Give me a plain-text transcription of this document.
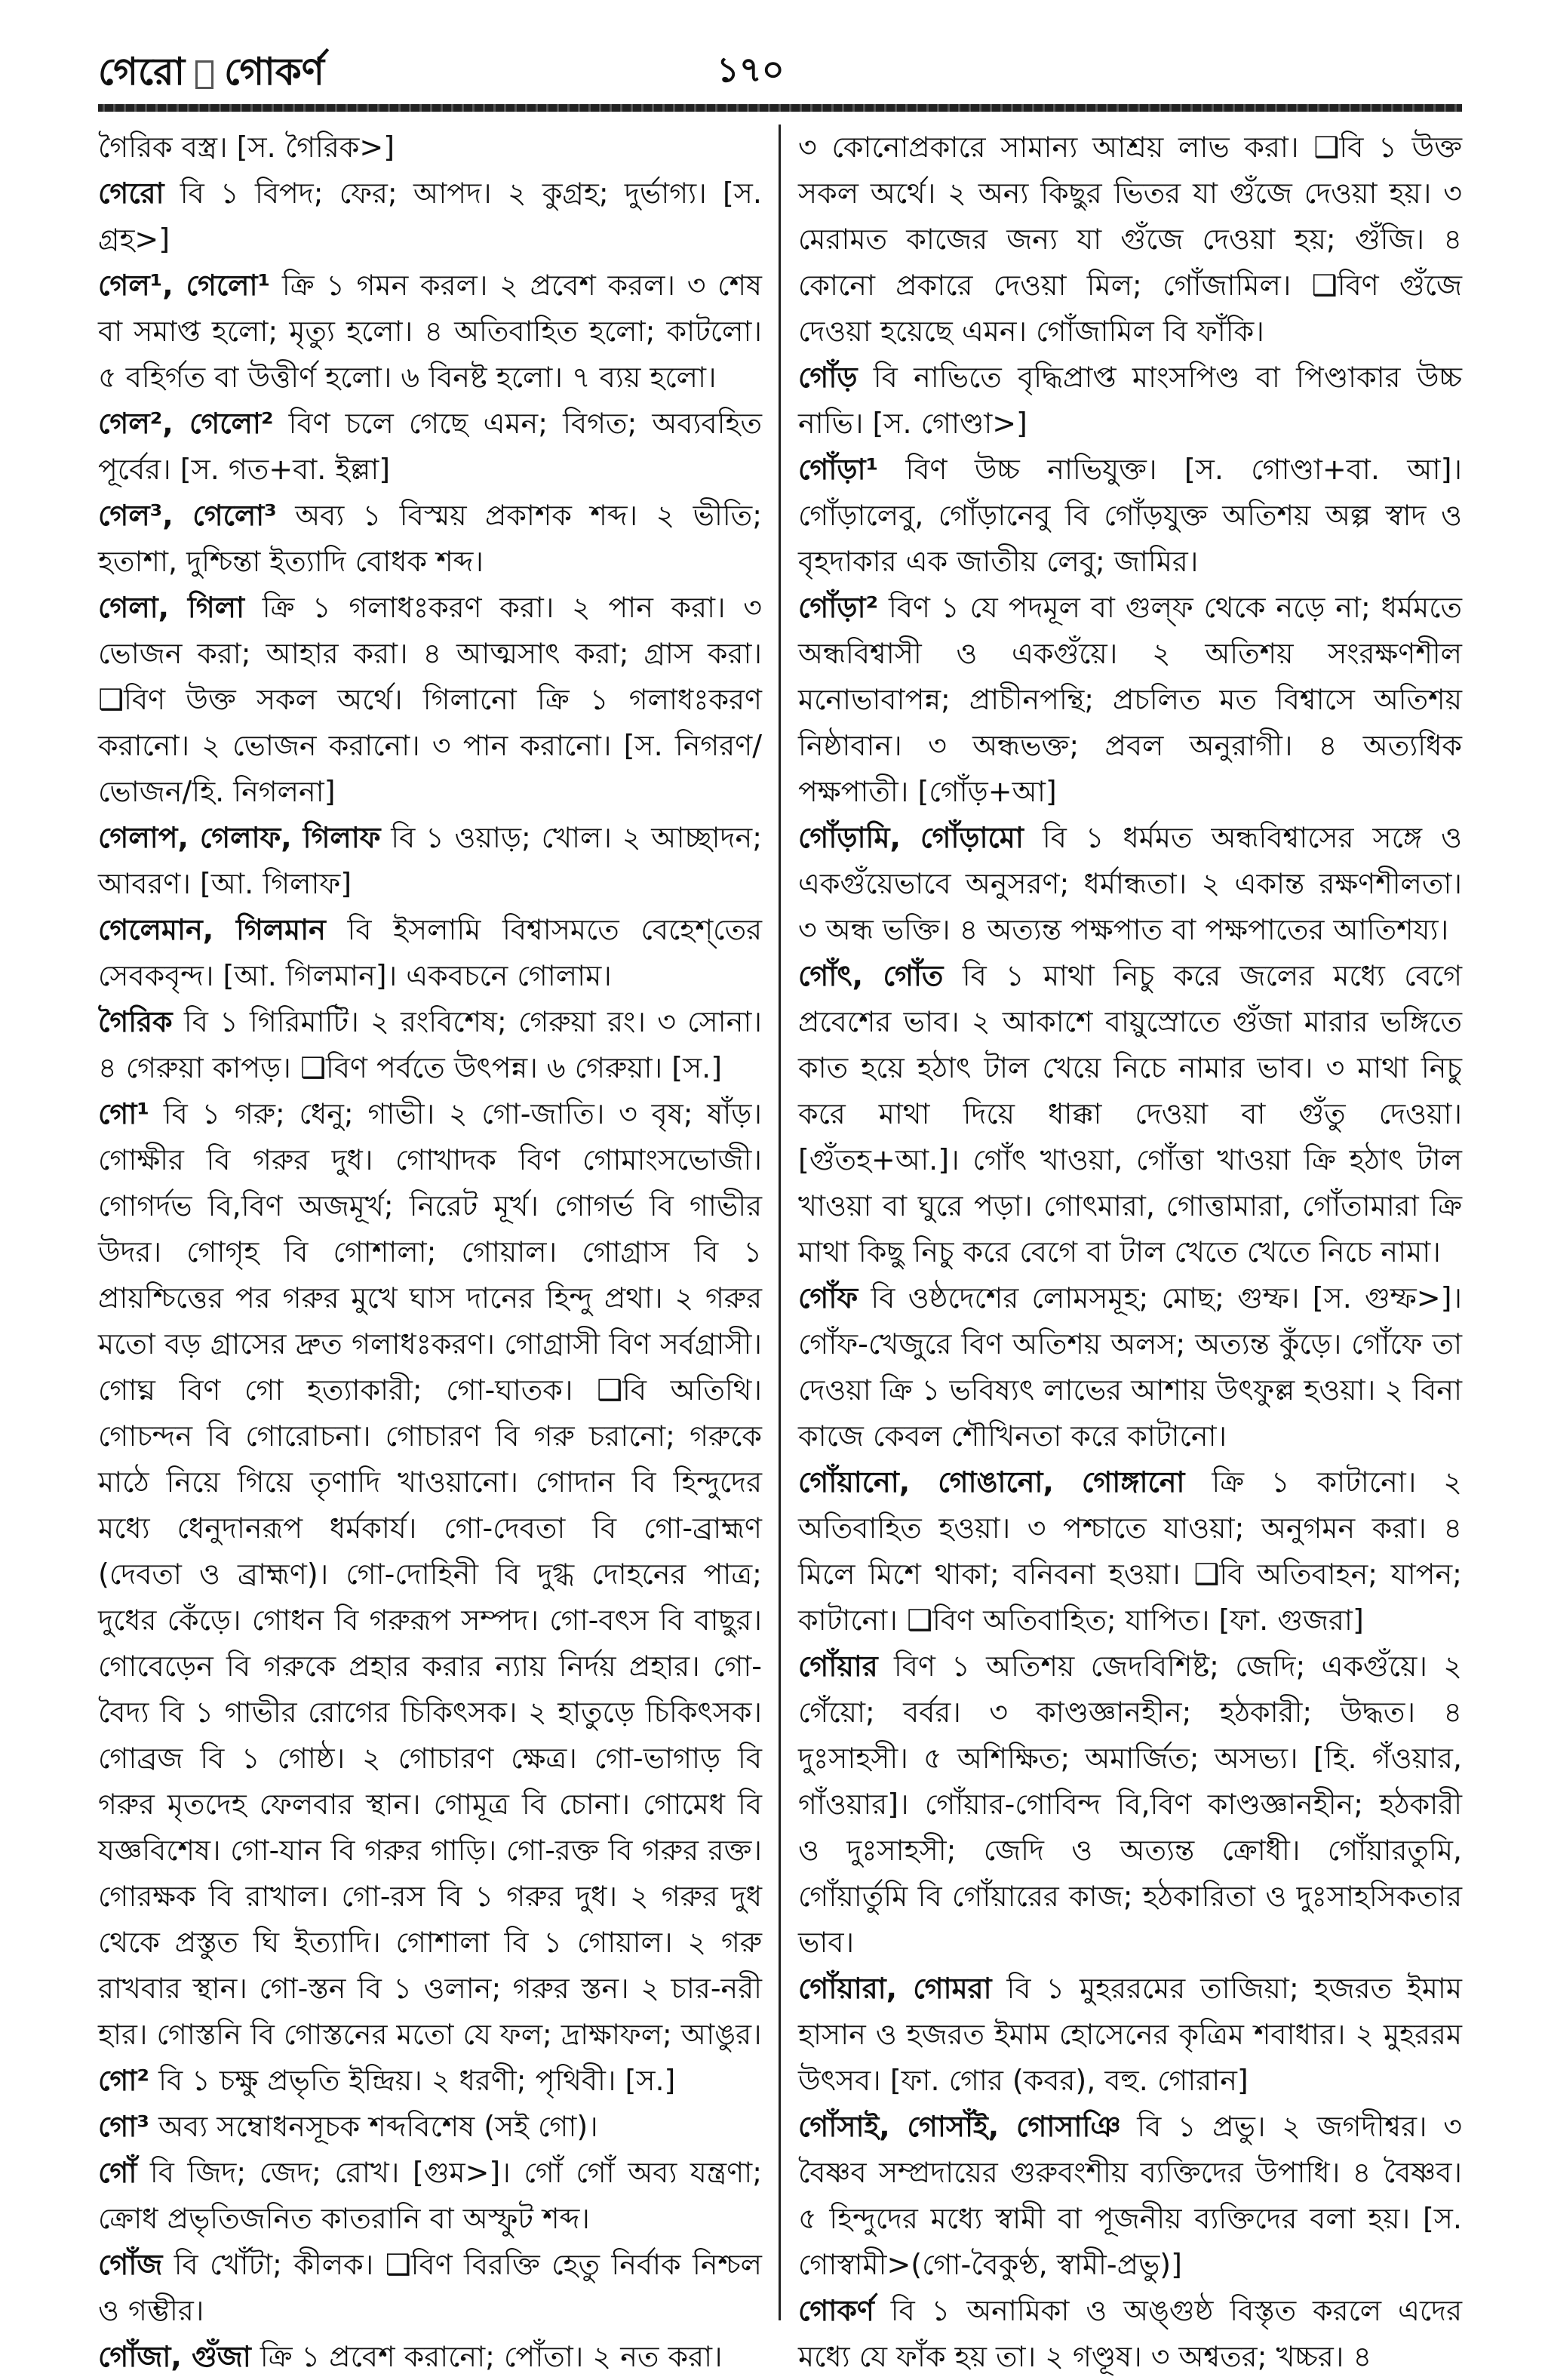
গেরো গোকর্ণ	১৭০

গৈরিক বস্ত্র। [স. গৈরিক>]

গেরো বি ১ বিপদ; ফের; আপদ। ২ কুগ্রহ; দুর্ভাগ্য। [স. গ্রহ>]

গেল¹, গেলো¹ ক্রি ১ গমন করল। ২ প্রবেশ করল। ৩ শেষ বা সমাপ্ত হলো; মৃত্যু হলো। ৪ অতিবাহিত হলো; কাটলো। ৫ বহির্গত বা উত্তীর্ণ হলো। ৬ বিনষ্ট হলো। ৭ ব্যয় হলো।

গেল², গেলো² বিণ চলে গেছে এমন; বিগত; অব্যবহিত পূর্বের। [স. গত+বা. ইল্লা]

গেল³, গেলো³ অব্য ১ বিস্ময় প্রকাশক শব্দ। ২ ভীতি; হতাশা, দুশ্চিন্তা ইত্যাদি বোধক শব্দ।

গেলা, গিলা ক্রি ১ গলাধঃকরণ করা। ২ পান করা। ৩ ভোজন করা; আহার করা। ৪ আত্মসাৎ করা; গ্রাস করা। ❑বিণ উক্ত সকল অর্থে। গিলানো ক্রি ১ গলাধঃকরণ করানো। ২ ভোজন করানো। ৩ পান করানো। [স. নিগরণ/ভোজন/হি. নিগলনা]

গেলাপ, গেলাফ, গিলাফ বি ১ ওয়াড়; খোল। ২ আচ্ছাদন; আবরণ। [আ. গিলাফ]

গেলেমান, গিলমান বি ইসলামি বিশ্বাসমতে বেহেশ্‌তের সেবকবৃন্দ। [আ. গিলমান]। একবচনে গোলাম।

গৈরিক বি ১ গিরিমাটি। ২ রংবিশেষ; গেরুয়া রং। ৩ সোনা। ৪ গেরুয়া কাপড়। ❑বিণ পর্বতে উৎপন্ন। ৬ গেরুয়া। [স.]

গো¹ বি ১ গরু; ধেনু; গাভী। ২ গো-জাতি। ৩ বৃষ; ষাঁড়। গোক্ষীর বি গরুর দুধ। গোখাদক বিণ গোমাংসভোজী। গোগর্দভ বি,বিণ অজমূর্খ; নিরেট মূর্খ। গোগর্ভ বি গাভীর উদর। গোগৃহ বি গোশালা; গোয়াল। গোগ্রাস বি ১ প্রায়শ্চিত্তের পর গরুর মুখে ঘাস দানের হিন্দু প্রথা। ২ গরুর মতো বড় গ্রাসের দ্রুত গলাধঃকরণ। গোগ্রাসী বিণ সর্বগ্রাসী। গোঘ্ন বিণ গো হত্যাকারী; গো-ঘাতক। ❑বি অতিথি। গোচন্দন বি গোরোচনা। গোচারণ বি গরু চরানো; গরুকে মাঠে নিয়ে গিয়ে তৃণাদি খাওয়ানো। গোদান বি হিন্দুদের মধ্যে ধেনুদানরূপ ধর্মকার্য। গো-দেবতা বি গো-ব্রাহ্মণ (দেবতা ও ব্রাহ্মণ)। গো-দোহিনী বি দুগ্ধ দোহনের পাত্র; দুধের কেঁড়ে। গোধন বি গরুরূপ সম্পদ। গো-বৎস বি বাছুর। গোবেড়েন বি গরুকে প্রহার করার ন্যায় নির্দয় প্রহার। গো-বৈদ্য বি ১ গাভীর রোগের চিকিৎসক। ২ হাতুড়ে চিকিৎসক। গোব্রজ বি ১ গোষ্ঠ। ২ গোচারণ ক্ষেত্র। গো-ভাগাড় বি গরুর মৃতদেহ ফেলবার স্থান। গোমূত্র বি চোনা। গোমেধ বি যজ্ঞবিশেষ। গো-যান বি গরুর গাড়ি। গো-রক্ত বি গরুর রক্ত। গোরক্ষক বি রাখাল। গো-রস বি ১ গরুর দুধ। ২ গরুর দুধ থেকে প্রস্তুত ঘি ইত্যাদি। গোশালা বি ১ গোয়াল। ২ গরু রাখবার স্থান। গো-স্তন বি ১ ওলান; গরুর স্তন। ২ চার-নরী হার। গোস্তনি বি গোস্তনের মতো যে ফল; দ্রাক্ষাফল; আঙুর।

গো² বি ১ চক্ষু প্রভৃতি ইন্দ্রিয়। ২ ধরণী; পৃথিবী। [স.]

গো³ অব্য সম্বোধনসূচক শব্দবিশেষ (সই গো)।

গোঁ বি জিদ; জেদ; রোখ। [গুম>]। গোঁ গোঁ অব্য যন্ত্রণা; ক্রোধ প্রভৃতিজনিত কাতরানি বা অস্ফুট শব্দ।

গোঁজ বি খোঁটা; কীলক। ❑বিণ বিরক্তি হেতু নির্বাক নিশ্চল ও গম্ভীর।

গোঁজা, গুঁজা ক্রি ১ প্রবেশ করানো; পোঁতা। ২ নত করা।

৩ কোনোপ্রকারে সামান্য আশ্রয় লাভ করা। ❑বি ১ উক্ত সকল অর্থে। ২ অন্য কিছুর ভিতর যা গুঁজে দেওয়া হয়। ৩ মেরামত কাজের জন্য যা গুঁজে দেওয়া হয়; গুঁজি। ৪ কোনো প্রকারে দেওয়া মিল; গোঁজামিল। ❑বিণ গুঁজে দেওয়া হয়েছে এমন। গোঁজামিল বি ফাঁকি।

গোঁড় বি নাভিতে বৃদ্ধিপ্রাপ্ত মাংসপিণ্ড বা পিণ্ডাকার উচ্চ নাভি। [স. গোণ্ডা>]

গোঁড়া¹ বিণ উচ্চ নাভিযুক্ত। [স. গোণ্ডা+বা. আ]। গোঁড়ালেবু, গোঁড়ানেবু বি গোঁড়যুক্ত অতিশয় অল্প স্বাদ ও বৃহদাকার এক জাতীয় লেবু; জামির।

গোঁড়া² বিণ ১ যে পদমূল বা গুল্‌ফ থেকে নড়ে না; ধর্মমতে অন্ধবিশ্বাসী ও একগুঁয়ে। ২ অতিশয় সংরক্ষণশীল মনোভাবাপন্ন; প্রাচীনপন্থি; প্রচলিত মত বিশ্বাসে অতিশয় নিষ্ঠাবান। ৩ অন্ধভক্ত; প্রবল অনুরাগী। ৪ অত্যধিক পক্ষপাতী। [গোঁড়+আ]

গোঁড়ামি, গোঁড়ামো বি ১ ধর্মমত অন্ধবিশ্বাসের সঙ্গে ও একগুঁয়েভাবে অনুসরণ; ধর্মান্ধতা। ২ একান্ত রক্ষণশীলতা। ৩ অন্ধ ভক্তি। ৪ অত্যন্ত পক্ষপাত বা পক্ষপাতের আতিশয্য।

গোঁৎ, গোঁত বি ১ মাথা নিচু করে জলের মধ্যে বেগে প্রবেশের ভাব। ২ আকাশে বায়ুস্রোতে গুঁজা মারার ভঙ্গিতে কাত হয়ে হঠাৎ টাল খেয়ে নিচে নামার ভাব। ৩ মাথা নিচু করে মাথা দিয়ে ধাক্কা দেওয়া বা গুঁতু দেওয়া। [গুঁতহ+আ.]। গোঁৎ খাওয়া, গোঁত্তা খাওয়া ক্রি হঠাৎ টাল খাওয়া বা ঘুরে পড়া। গোৎমারা, গোত্তামারা, গোঁতামারা ক্রি মাথা কিছু নিচু করে বেগে বা টাল খেতে খেতে নিচে নামা।

গোঁফ বি ওষ্ঠদেশের লোমসমূহ; মোছ; গুম্ফ। [স. গুম্ফ>]। গোঁফ-খেজুরে বিণ অতিশয় অলস; অত্যন্ত কুঁড়ে। গোঁফে তা দেওয়া ক্রি ১ ভবিষ্যৎ লাভের আশায় উৎফুল্ল হওয়া। ২ বিনা কাজে কেবল শৌখিনতা করে কাটানো।

গোঁয়ানো, গোঙানো, গোঙ্গানো ক্রি ১ কাটানো। ২ অতিবাহিত হওয়া। ৩ পশ্চাতে যাওয়া; অনুগমন করা। ৪ মিলে মিশে থাকা; বনিবনা হওয়া। ❑বি অতিবাহন; যাপন; কাটানো। ❑বিণ অতিবাহিত; যাপিত। [ফা. গুজরা]

গোঁয়ার বিণ ১ অতিশয় জেদবিশিষ্ট; জেদি; একগুঁয়ে। ২ গেঁয়ো; বর্বর। ৩ কাণ্ডজ্ঞানহীন; হঠকারী; উদ্ধত। ৪ দুঃসাহসী। ৫ অশিক্ষিত; অমার্জিত; অসভ্য। [হি. গঁওয়ার, গাঁওয়ার]। গোঁয়ার-গোবিন্দ বি,বিণ কাণ্ডজ্ঞানহীন; হঠকারী ও দুঃসাহসী; জেদি ও অত্যন্ত ক্রোধী। গোঁয়ারতুমি, গোঁয়ার্তুমি বি গোঁয়ারের কাজ; হঠকারিতা ও দুঃসাহসিকতার ভাব।

গোঁয়ারা, গোমরা বি ১ মুহররমের তাজিয়া; হজরত ইমাম হাসান ও হজরত ইমাম হোসেনের কৃত্রিম শবাধার। ২ মুহররম উৎসব। [ফা. গোর (কবর), বহু. গোরান]

গোঁসাই, গোসাঁই, গোসাঞি বি ১ প্রভু। ২ জগদীশ্বর। ৩ বৈষ্ণব সম্প্রদায়ের গুরুবংশীয় ব্যক্তিদের উপাধি। ৪ বৈষ্ণব। ৫ হিন্দুদের মধ্যে স্বামী বা পূজনীয় ব্যক্তিদের বলা হয়। [স. গোস্বামী>(গো-বৈকুণ্ঠ, স্বামী-প্রভু)]

গোকর্ণ বি ১ অনামিকা ও অঙ্গুষ্ঠ বিস্তৃত করলে এদের মধ্যে যে ফাঁক হয় তা। ২ গণ্ডূষ। ৩ অশ্বতর; খচ্চর। ৪
